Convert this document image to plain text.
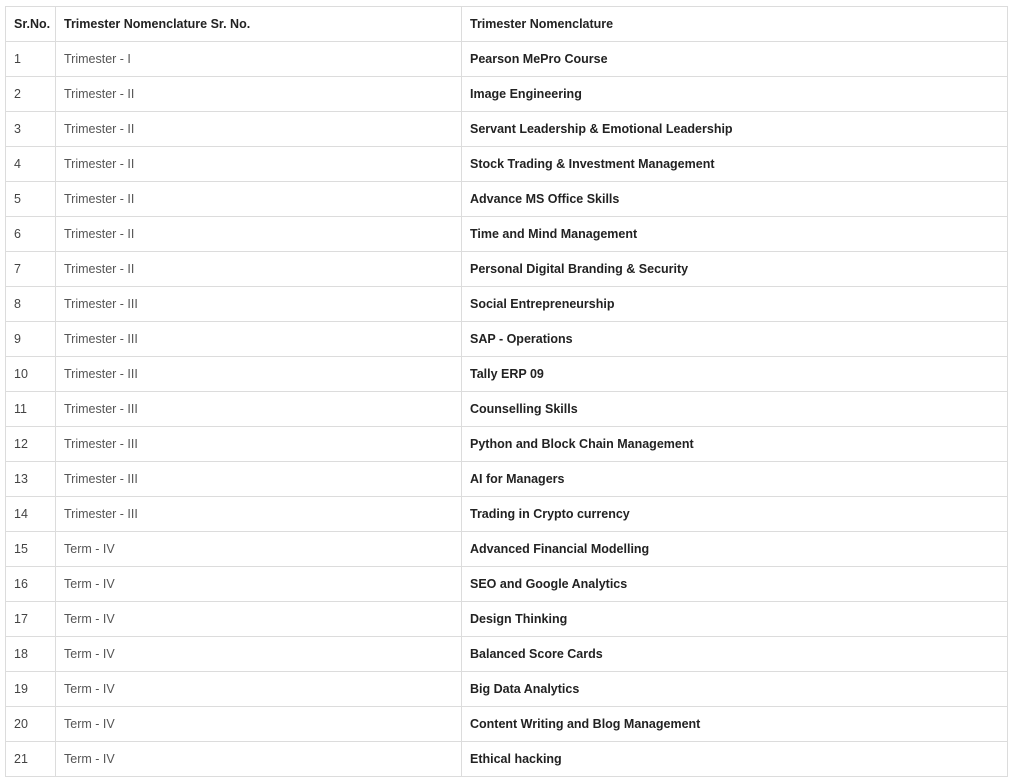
Sr.No.	Trimester Nomenclature Sr. No.	Trimester Nomenclature
1	Trimester - I	Pearson MePro Course
2	Trimester - II	Image Engineering
3	Trimester - II	Servant Leadership & Emotional Leadership
4	Trimester - II	Stock Trading & Investment Management
5	Trimester - II	Advance MS Office Skills
6	Trimester - II	Time and Mind Management
7	Trimester - II	Personal Digital Branding & Security
8	Trimester - III	Social Entrepreneurship
9	Trimester - III	SAP - Operations
10	Trimester - III	Tally ERP 09
11	Trimester - III	Counselling Skills
12	Trimester - III	Python and Block Chain Management
13	Trimester - III	AI for Managers
14	Trimester - III	Trading in Crypto currency
15	Term - IV	Advanced Financial Modelling
16	Term - IV	SEO and Google Analytics
17	Term - IV	Design Thinking
18	Term - IV	Balanced Score Cards
19	Term - IV	Big Data Analytics
20	Term - IV	Content Writing and Blog Management
21	Term - IV	Ethical hacking
